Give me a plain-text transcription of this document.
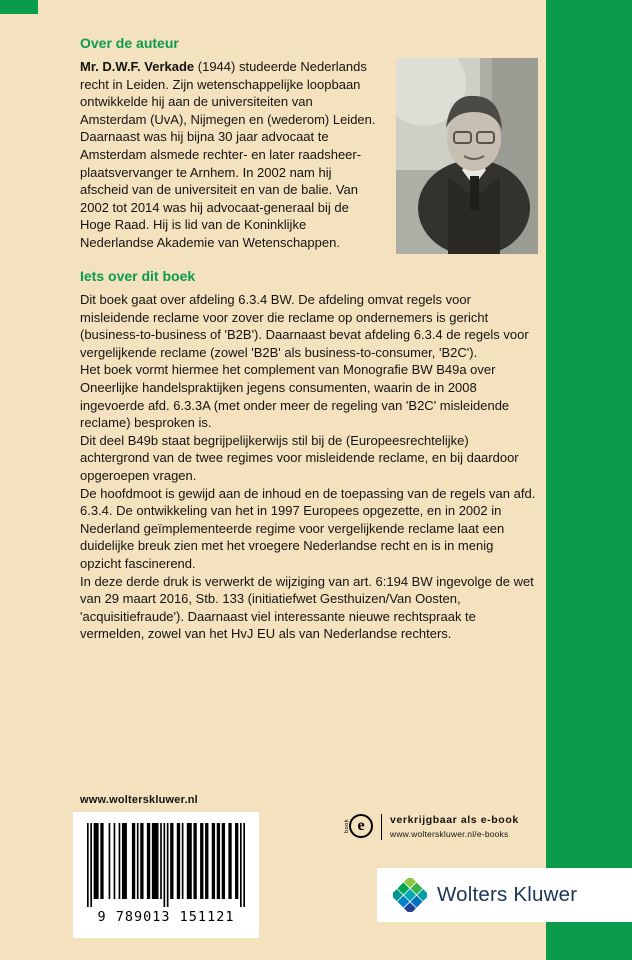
Over de auteur
Mr. D.W.F. Verkade (1944) studeerde Nederlands recht in Leiden. Zijn wetenschappelijke loopbaan ontwikkelde hij aan de universiteiten van Amsterdam (UvA), Nijmegen en (wederom) Leiden. Daarnaast was hij bijna 30 jaar advocaat te Amsterdam alsmede rechter- en later raadsheer-plaatsvervanger te Arnhem. In 2002 nam hij afscheid van de universiteit en van de balie. Van 2002 tot 2014 was hij advocaat-generaal bij de Hoge Raad. Hij is lid van de Koninklijke Nederlandse Akademie van Wetenschappen.
Iets over dit boek

Dit boek gaat over afdeling 6.3.4 BW. De afdeling omvat regels voor misleidende reclame voor zover die reclame op ondernemers is gericht (business-to-business of 'B2B'). Daarnaast bevat afdeling 6.3.4 de regels voor vergelijkende reclame (zowel 'B2B' als business-to-consumer, 'B2C').

Het boek vormt hiermee het complement van Monografie BW B49a over Oneerlijke handelspraktijken jegens consumenten, waarin de in 2008 ingevoerde afd. 6.3.3A (met onder meer de regeling van 'B2C' misleidende reclame) besproken is.

Dit deel B49b staat begrijpelijkerwijs stil bij de (Europeesrechtelijke) achtergrond van de twee regimes voor misleidende reclame, en bij daardoor opgeroepen vragen.

De hoofdmoot is gewijd aan de inhoud en de toepassing van de regels van afd. 6.3.4. De ontwikkeling van het in 1997 Europees opgezette, en in 2002 in Nederland geïmplementeerde regime voor vergelijkende reclame laat een duidelijke breuk zien met het vroegere Nederlandse recht en is in menig opzicht fascinerend.

In deze derde druk is verwerkt de wijziging van art. 6:194 BW ingevolge de wet van 29 maart 2016, Stb. 133 (initiatiefwet Gesthuizen/Van Oosten, 'acquisitiefraude'). Daarnaast viel interessante nieuwe rechtspraak te vermelden, zowel van het HvJ EU als van Nederlandse rechters.

www.wolterskluwer.nl
9 789013 151121
e
book	verkrijgbaar als e-book
www.wolterskluwer.nl/e-books
Wolters Kluwer
